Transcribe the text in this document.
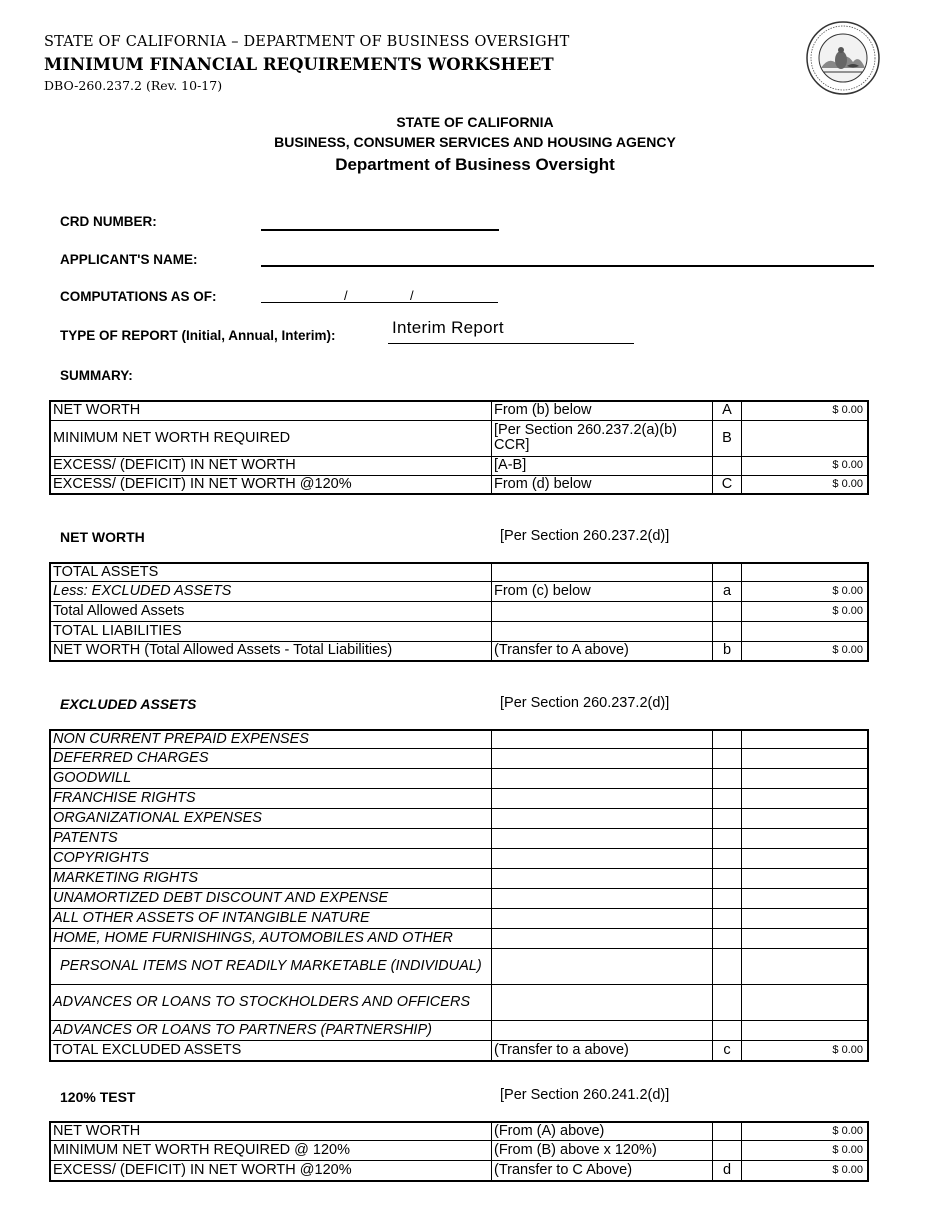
STATE OF CALIFORNIA – DEPARTMENT OF BUSINESS OVERSIGHT
MINIMUM FINANCIAL REQUIREMENTS WORKSHEET
DBO-260.237.2 (Rev. 10-17)
STATE OF CALIFORNIA
BUSINESS, CONSUMER SERVICES AND HOUSING AGENCY
Department of Business Oversight
CRD NUMBER:
APPLICANT'S NAME:
COMPUTATIONS AS OF:	/	/
TYPE OF REPORT (Initial, Annual, Interim):	Interim Report
SUMMARY:
NET WORTH	From (b) below	A	$ 0.00
MINIMUM NET WORTH REQUIRED	[Per Section 260.237.2(a)(b) CCR]	B	
EXCESS/ (DEFICIT) IN NET WORTH	[A-B]		$ 0.00
EXCESS/ (DEFICIT) IN NET WORTH @120%	From (d) below	C	$ 0.00
NET WORTH	[Per Section 260.237.2(d)]
TOTAL ASSETS			
Less: EXCLUDED ASSETS	From (c) below	a	$ 0.00
Total Allowed Assets			$ 0.00
TOTAL LIABILITIES			
NET WORTH (Total Allowed Assets - Total Liabilities)	(Transfer to A above)	b	$ 0.00
EXCLUDED ASSETS	[Per Section 260.237.2(d)]
NON CURRENT PREPAID EXPENSES			
DEFERRED CHARGES			
GOODWILL			
FRANCHISE RIGHTS			
ORGANIZATIONAL EXPENSES			
PATENTS			
COPYRIGHTS			
MARKETING RIGHTS			
UNAMORTIZED DEBT DISCOUNT AND EXPENSE			
ALL OTHER ASSETS OF INTANGIBLE NATURE			
HOME, HOME FURNISHINGS, AUTOMOBILES AND OTHER			
PERSONAL ITEMS NOT READILY MARKETABLE (INDIVIDUAL)			
ADVANCES OR LOANS TO STOCKHOLDERS AND OFFICERS			
ADVANCES OR LOANS TO PARTNERS (PARTNERSHIP)			
TOTAL EXCLUDED ASSETS	(Transfer to a above)	c	$ 0.00
120% TEST	[Per Section 260.241.2(d)]
NET WORTH	(From (A) above)		$ 0.00
MINIMUM NET WORTH REQUIRED @ 120%	(From (B) above x 120%)		$ 0.00
EXCESS/ (DEFICIT) IN NET WORTH @120%	(Transfer to C Above)	d	$ 0.00
